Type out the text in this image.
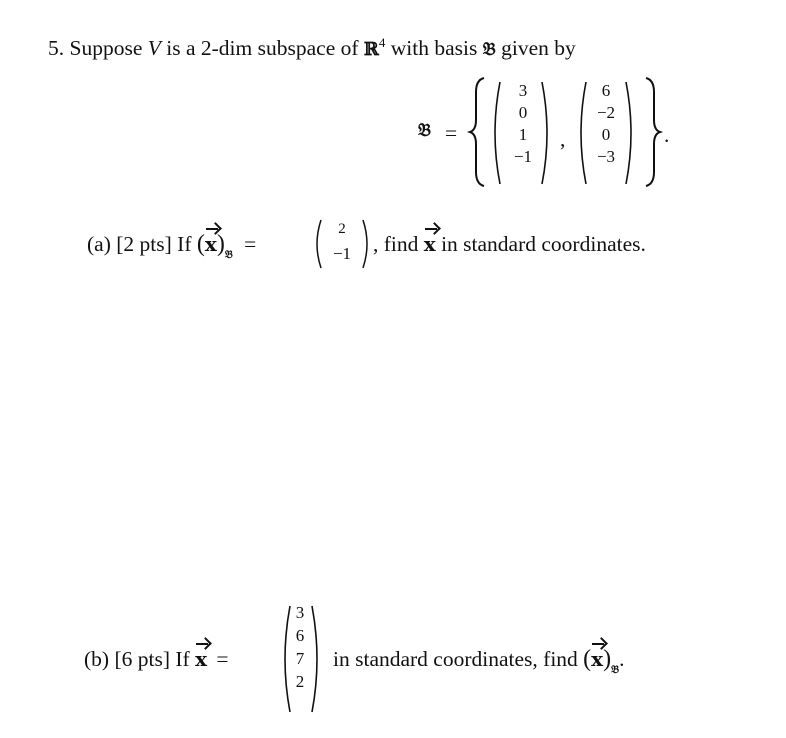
5. Suppose V is a 2-dim subspace of ℝ$^4$ with basis 𝔅 given by
𝔅 =
3
0
1
−1
,
6
−2
0
−3
.
(a) [2 pts] If $(x)_𝔅$ =
2
−1 , find x in standard coordinates.
(b) [6 pts] If x =
3
6
7
2
in standard coordinates, find $(x)_𝔅$.
